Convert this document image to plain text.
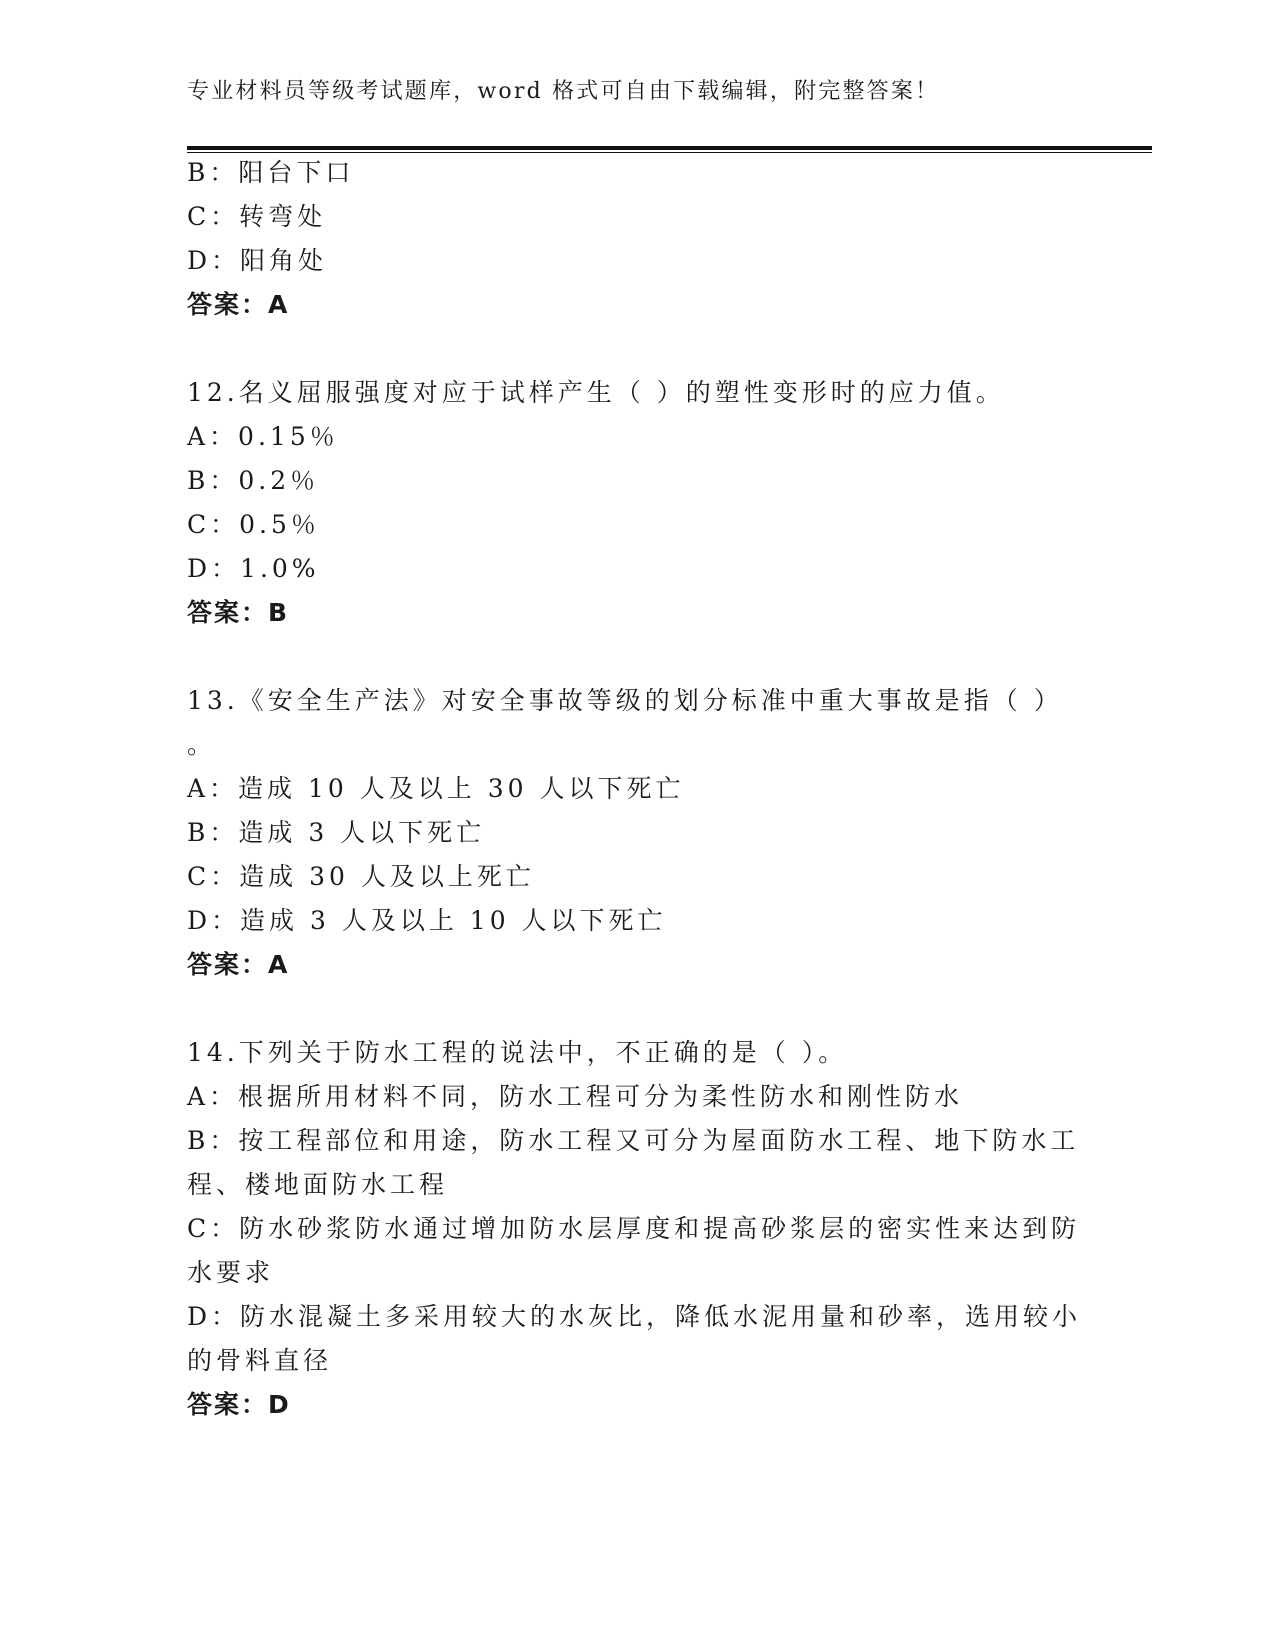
专业材料员等级考试题库，word 格式可自由下载编辑，附完整答案！
B：阳台下口
C：转弯处
D：阳角处
答案：A
12.名义屈服强度对应于试样产生（ ）的塑性变形时的应力值。
A：0.15％
B：0.2％
C：0.5％
D：1.0%
答案：B
13.《安全生产法》对安全事故等级的划分标准中重大事故是指（ ）
。
A：造成 10 人及以上 30 人以下死亡
B：造成 3 人以下死亡
C：造成 30 人及以上死亡
D：造成 3 人及以上 10 人以下死亡
答案：A
14.下列关于防水工程的说法中，不正确的是（ ）。
A：根据所用材料不同，防水工程可分为柔性防水和刚性防水
B：按工程部位和用途，防水工程又可分为屋面防水工程、地下防水工
程、楼地面防水工程
C：防水砂浆防水通过增加防水层厚度和提高砂浆层的密实性来达到防
水要求
D：防水混凝土多采用较大的水灰比，降低水泥用量和砂率，选用较小
的骨料直径
答案：D
